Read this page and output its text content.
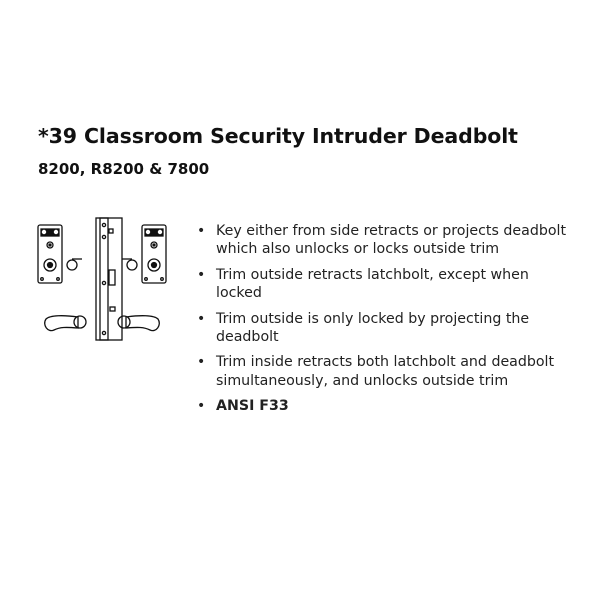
*39 Classroom Security Intruder Deadbolt
8200, R8200 & 7800
• Key either from side retracts or projects deadbolt which also unlocks or locks outside trim
• Trim outside retracts latchbolt, except when locked
• Trim outside is only locked by projecting the deadbolt
• Trim inside retracts both latchbolt and deadbolt simultaneously, and unlocks outside trim
• ANSI F33
